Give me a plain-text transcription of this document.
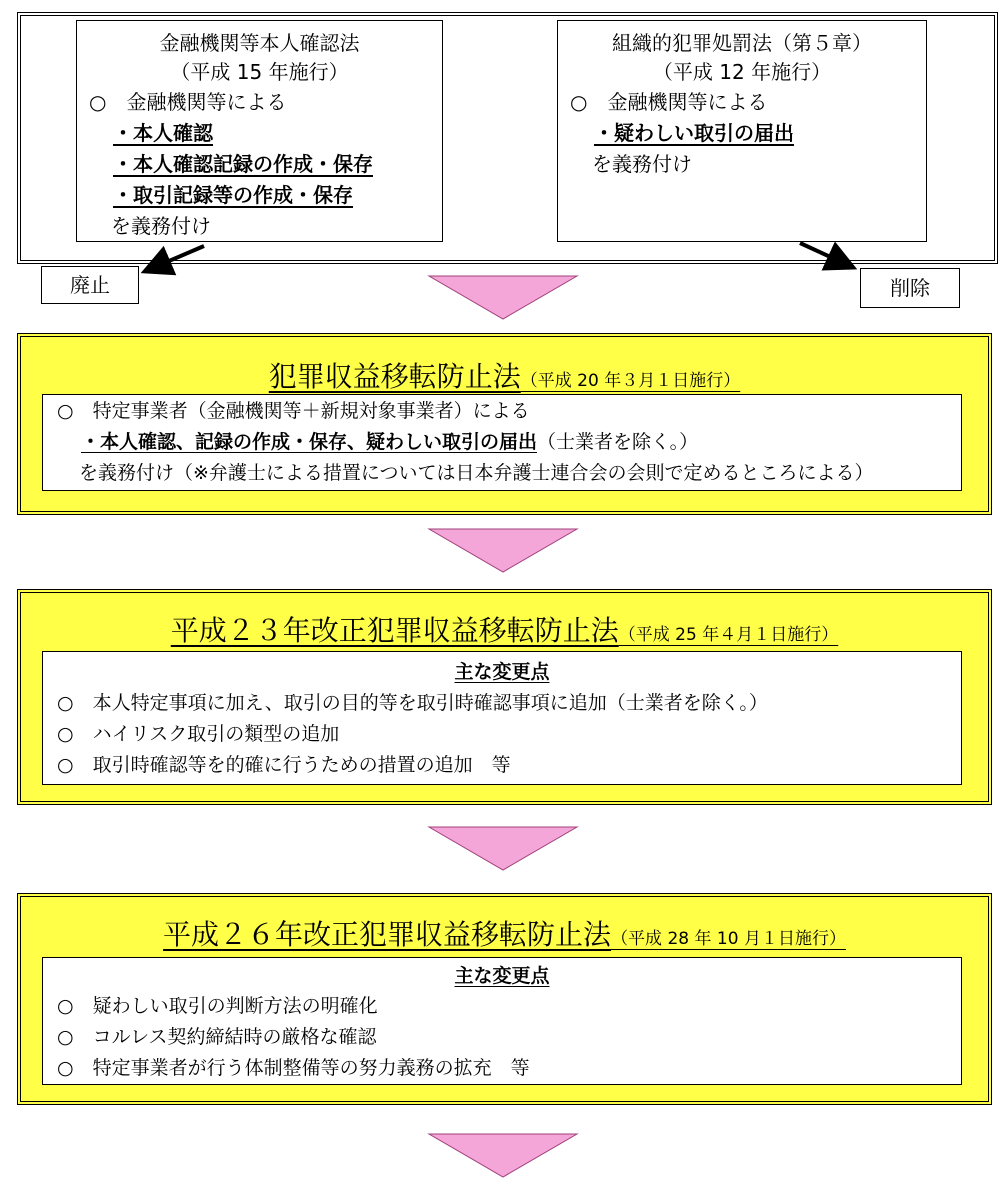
金融機関等本人確認法
（平成 15 年施行）
○　金融機関等による
・本人確認
・本人確認記録の作成・保存
・取引記録等の作成・保存
を義務付け
組織的犯罪処罰法（第５章）
（平成 12 年施行）
○　金融機関等による
・疑わしい取引の届出
を義務付け
廃止	削除
犯罪収益移転防止法（平成 20 年３月１日施行）
○　特定事業者（金融機関等＋新規対象事業者）による
・本人確認、記録の作成・保存、疑わしい取引の届出（士業者を除く。）
を義務付け（※弁護士による措置については日本弁護士連合会の会則で定めるところによる）
平成２３年改正犯罪収益移転防止法（平成 25 年４月１日施行）
主な変更点
○　本人特定事項に加え、取引の目的等を取引時確認事項に追加（士業者を除く。）
○　ハイリスク取引の類型の追加
○　取引時確認等を的確に行うための措置の追加　等
平成２６年改正犯罪収益移転防止法（平成 28 年 10 月１日施行）
主な変更点
○　疑わしい取引の判断方法の明確化
○　コルレス契約締結時の厳格な確認
○　特定事業者が行う体制整備等の努力義務の拡充　等
